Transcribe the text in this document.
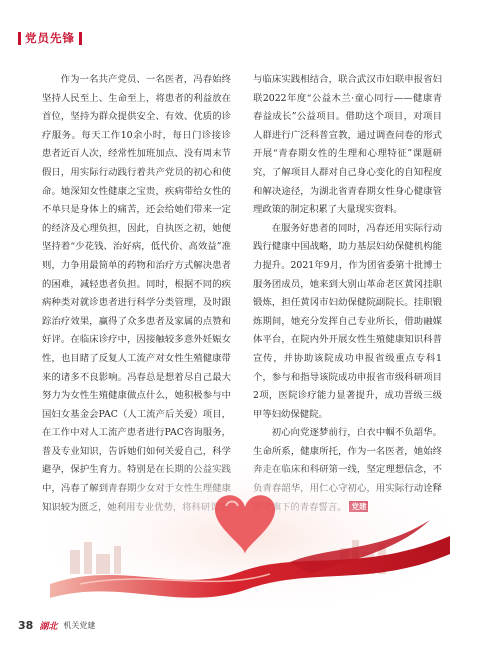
党员先锋

作为一名共产党员、一名医者，冯春始终坚持人民至上、生命至上，将患者的利益放在首位，坚持为群众提供安全、有效、优质的诊疗服务。每天工作10余小时，每日门诊接诊患者近百人次，经常性加班加点、没有周末节假日，用实际行动践行着共产党员的初心和使命。她深知女性健康之宝贵，疾病带给女性的不单只是身体上的痛苦，还会给她们带来一定的经济及心理负担，因此，自执医之初，她便坚持着“少花钱、治好病，低代价、高效益”准则，力争用最简单的药物和治疗方式解决患者的困难，减轻患者负担。同时，根据不同的疾病种类对就诊患者进行科学分类管理，及时跟踪治疗效果，赢得了众多患者及家属的点赞和好评。在临床诊疗中，因接触较多意外妊娠女性，也目睹了反复人工流产对女性生殖健康带来的诸多不良影响。冯春总是想着尽自己最大努力为女性生殖健康做点什么，她积极参与中国妇女基金会PAC（人工流产后关爱）项目，在工作中对人工流产患者进行PAC咨询服务，普及专业知识，告诉她们如何关爱自己，科学

与临床实践相结合，联合武汉市妇联申报省妇联2022年度“公益木兰·童心同行——健康青春益成长”公益项目。借助这个项目，对项目人群进行广泛科普宣教，通过调查问卷的形式开展“青春期女性的生理和心理特征”课题研究，了解项目人群对自己身心变化的自知程度和解决途径，为湖北省青春期女性身心健康管理政策的制定积累了大量现实资料。

在服务好患者的同时，冯春还用实际行动践行健康中国战略，助力基层妇幼保健机构能力提升。2021年9月，作为团省委第十批博士服务团成员，她来到大别山革命老区黄冈挂职锻炼，担任黄冈市妇幼保健院副院长。挂职锻炼期间，她充分发挥自己专业所长，借助融媒体平台，在院内外开展女性生殖健康知识科普宣传，并协助该院成功申报省级重点专科1个，参与和指导该院成功申报省市级科研项目2项，医院诊疗能力显著提升，成功晋级三级甲等妇幼保健院。

初心向党逐梦前行，白衣中帼不负韶华。生命所系，健康所托，作为一名医者，她始终

38 湖北 机关党建
